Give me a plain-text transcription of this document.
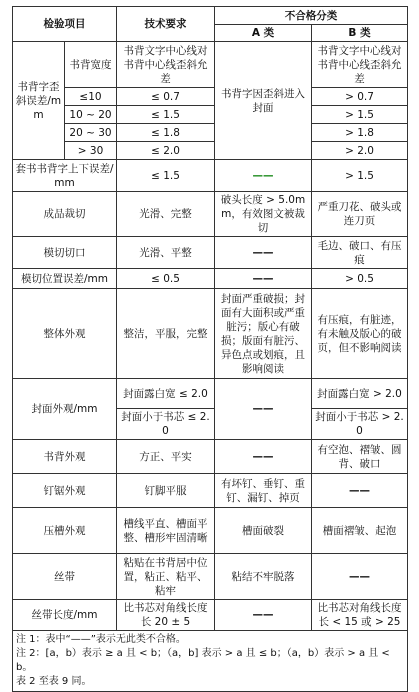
检验项目		技术要求	不合格分类	
			A 类	B 类
书背字歪斜误差/mm	书背宽度	书背文字中心线对书背中心线歪斜允差	书背字因歪斜进入封面	书背文字中心线对书背中心线歪斜允差
	≤10	≤ 0.7		> 0.7
	10 ~ 20	≤ 1.5		> 1.5
	20 ~ 30	≤ 1.8		> 1.8
	> 30	≤ 2.0		> 2.0
套书书背字上下误差/mm		≤ 1.5	——	> 1.5
成品裁切		光滑、完整	破头长度 > 5.0mm，有效图文被裁切	严重刀花、破头或连刀页
模切切口		光滑、平整	——	毛边、破口、有压痕
模切位置误差/mm		≤ 0.5	——	> 0.5
整体外观		整洁，平服，完整	封面严重破损；封面有大面积或严重脏污；版心有破损；版面有脏污、异色点或划痕，且影响阅读	有压痕，有脏迹，有未触及版心的破页，但不影响阅读
封面外观/mm		封面露白宽 ≤ 2.0	——	封面露白宽 > 2.0
		封面小于书芯 ≤ 2.0		封面小于书芯 > 2.0
书背外观		方正、平实	——	有空泡、褶皱、圆背、破口
钉锯外观		钉脚平服	有坏钉、垂钉、重钉、漏钉、掉页	——
压槽外观		槽线平直、槽面平整、槽形牢固清晰	槽面破裂	槽面褶皱、起泡
丝带		粘贴在书背居中位置，粘正、粘平、粘牢	粘结不牢脱落	——
丝带长度/mm		比书芯对角线长度长 20 ± 5	——	比书芯对角线长度长 < 15 或 > 25

注 1：表中“——”表示无此类不合格。
注 2：[a，b）表示 ≥ a 且 < b；（a，b] 表示 > a 且 ≤ b；（a，b）表示 > a 且 < b。
表 2 至表 9 同。				
